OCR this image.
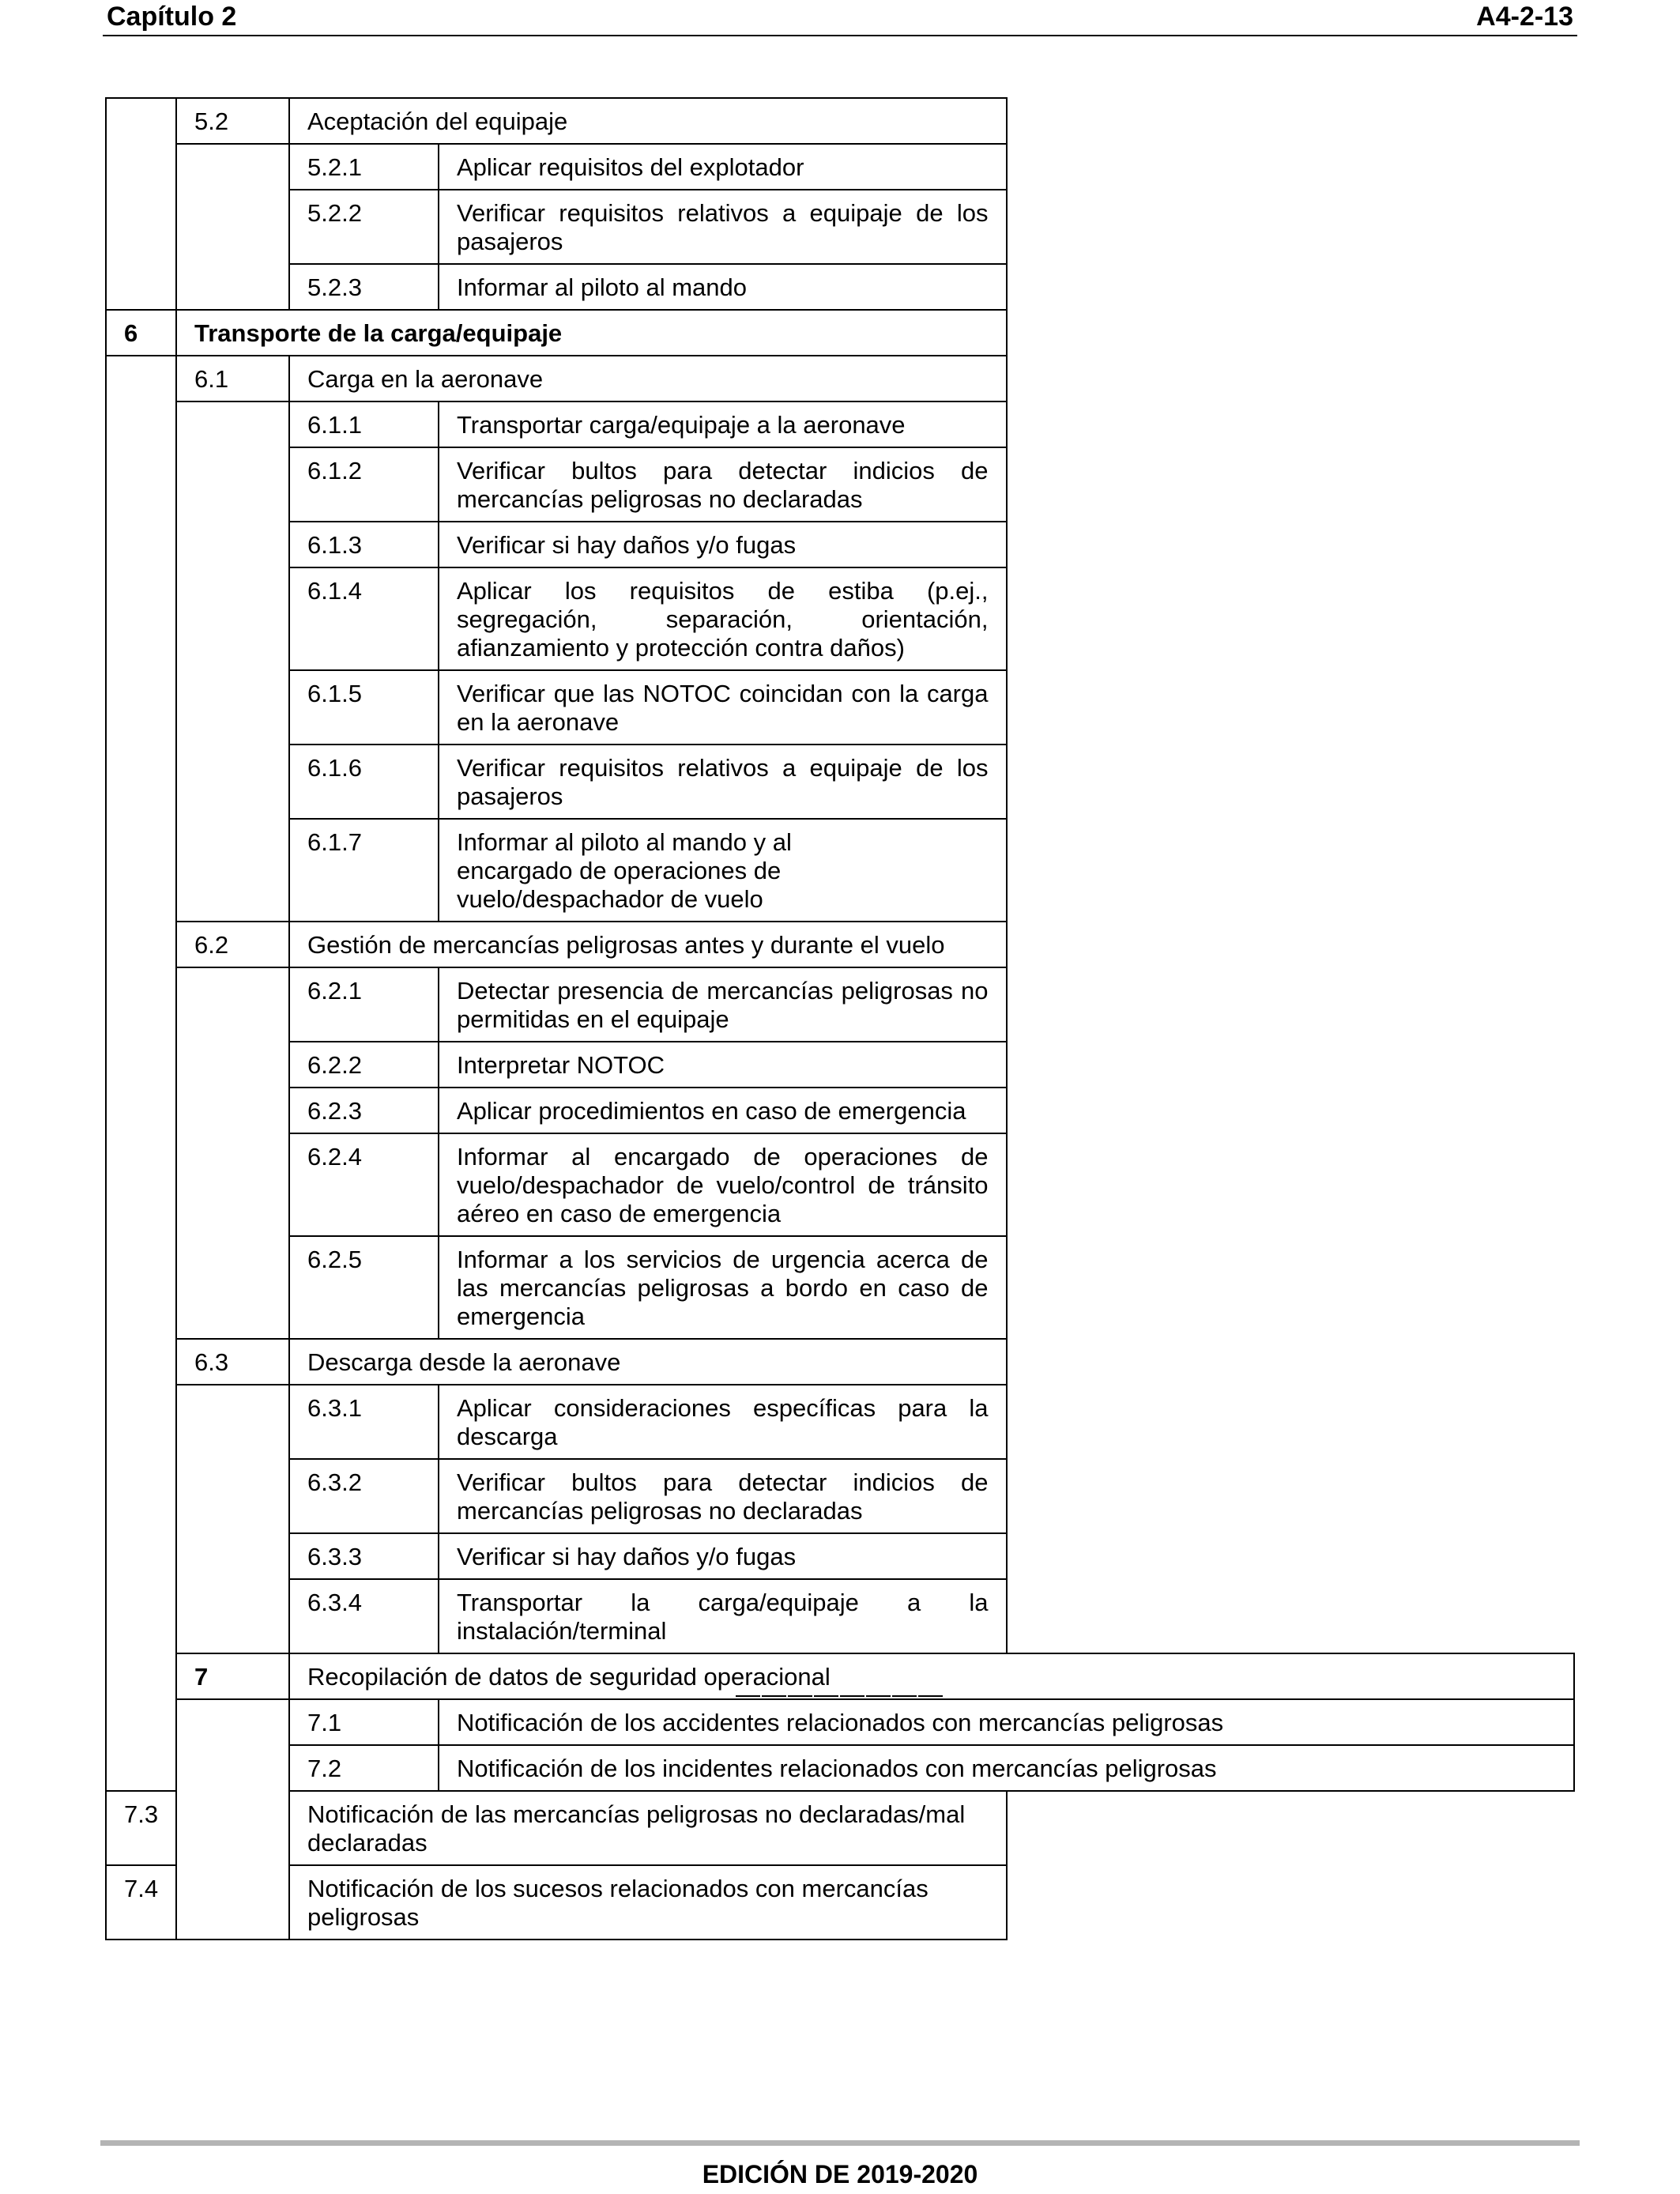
Capítulo 2	A4-2-13
	5.2	Aceptación del equipaje	
		5.2.1	Aplicar requisitos del explotador
		5.2.2	Verificar requisitos relativos a equipaje de los pasajeros
		5.2.3	Informar al piloto al mando
6	Transporte de la carga/equipaje		
	6.1	Carga en la aeronave	
		6.1.1	Transportar carga/equipaje a la aeronave
		6.1.2	Verificar bultos para detectar indicios de mercancías peligrosas no declaradas
		6.1.3	Verificar si hay daños y/o fugas
		6.1.4	Aplicar los requisitos de estiba (p.ej., segregación, separación, orientación, afianzamiento y protección contra daños)
		6.1.5	Verificar que las NOTOC coincidan con la carga en la aeronave
		6.1.6	Verificar requisitos relativos a equipaje de los pasajeros
		6.1.7	Informar al piloto al mando y al encargado de operaciones de vuelo/despachador de vuelo
	6.2	Gestión de mercancías peligrosas antes y durante el vuelo	
		6.2.1	Detectar presencia de mercancías peligrosas no permitidas en el equipaje
		6.2.2	Interpretar NOTOC
		6.2.3	Aplicar procedimientos en caso de emergencia
		6.2.4	Informar al encargado de operaciones de vuelo/despachador de vuelo/control de tránsito aéreo en caso de emergencia
		6.2.5	Informar a los servicios de urgencia acerca de las mercancías peligrosas a bordo en caso de emergencia
	6.3	Descarga desde la aeronave	
		6.3.1	Aplicar consideraciones específicas para la descarga
		6.3.2	Verificar bultos para detectar indicios de mercancías peligrosas no declaradas
		6.3.3	Verificar si hay daños y/o fugas
		6.3.4	Transportar la carga/equipaje a la instalación/terminal
	7	Recopilación de datos de seguridad operacional	
		7.1	Notificación de los accidentes relacionados con mercancías peligrosas
		7.2	Notificación de los incidentes relacionados con mercancías peligrosas
7.3		Notificación de las mercancías peligrosas no declaradas/mal declaradas	
7.4		Notificación de los sucesos relacionados con mercancías peligrosas	
————————
EDICIÓN DE 2019-2020
